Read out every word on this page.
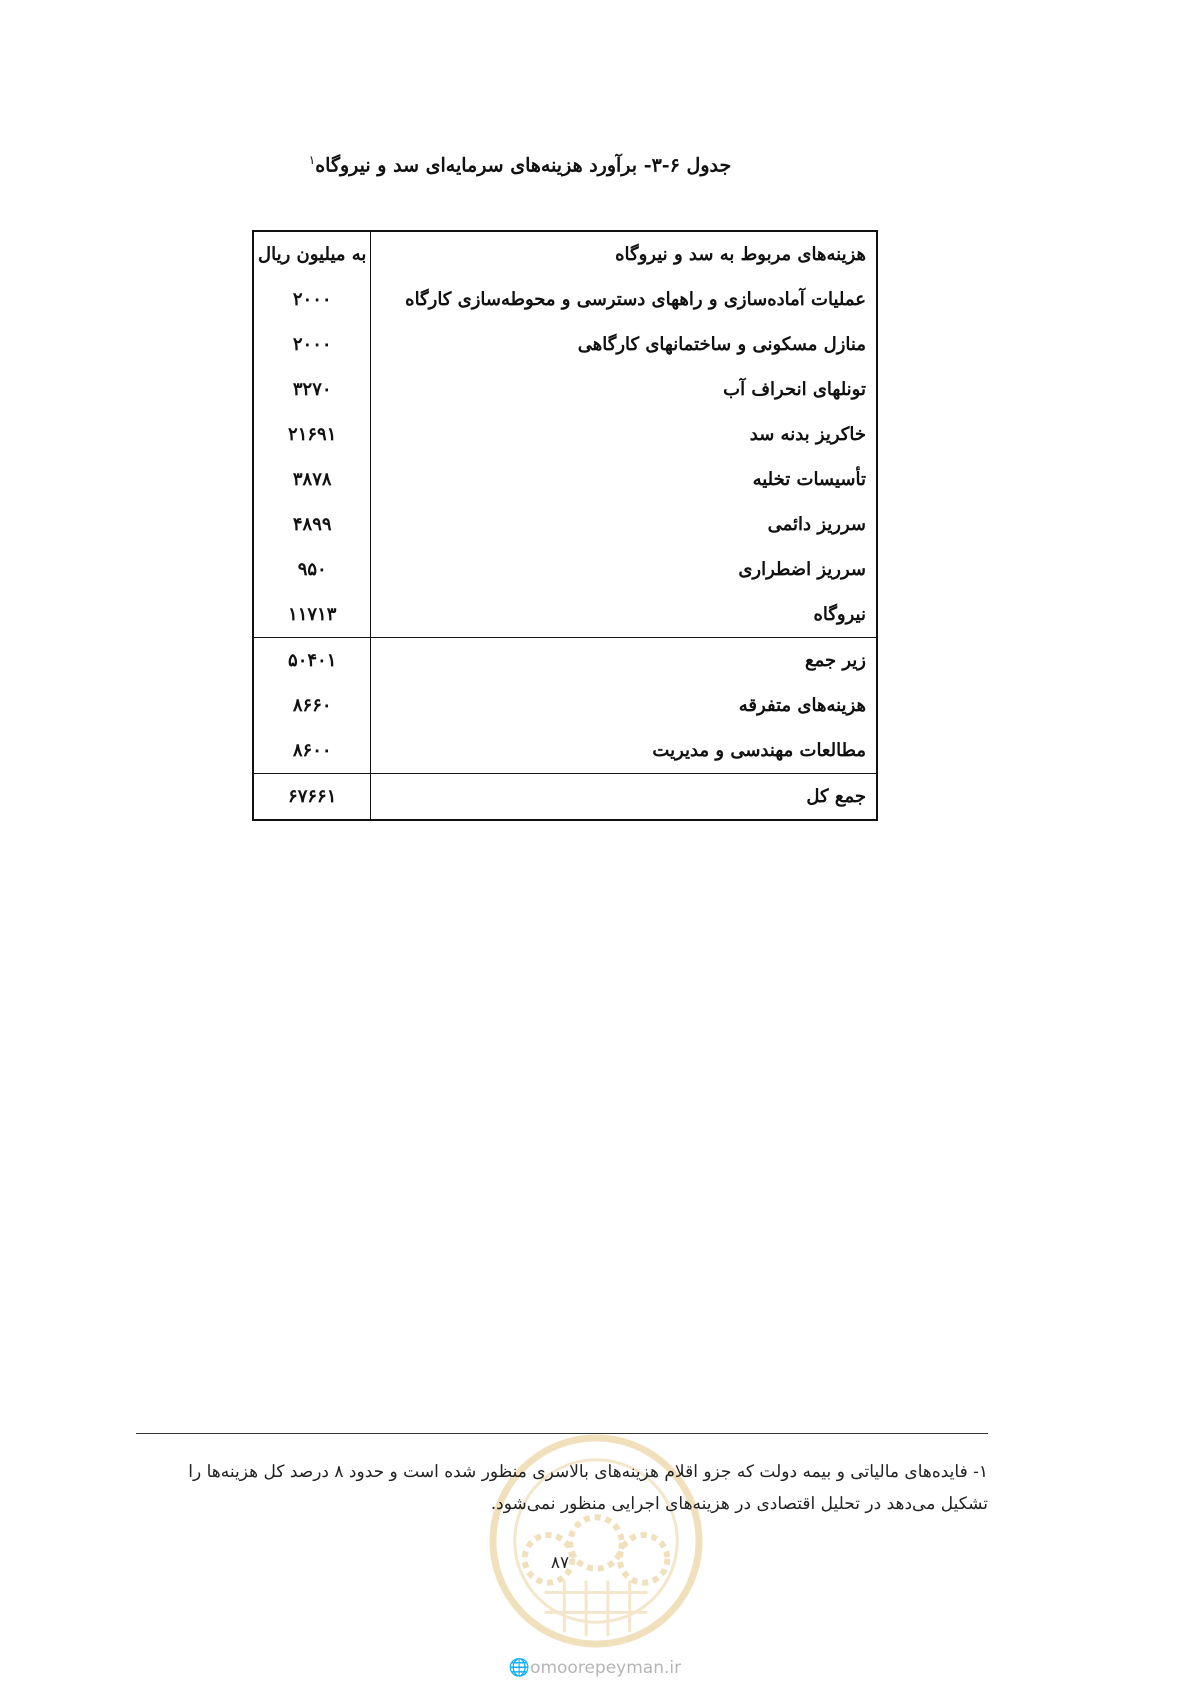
جدول ۶-۳- برآورد هزینه‌های سرمایه‌ای سد و نیروگاه$^۱$
هزینه‌های مربوط به سد و نیروگاه	به میلیون ریال
عملیات آماده‌سازی و راههای دسترسی و محوطه‌سازی کارگاه	۲۰۰۰
منازل مسکونی و ساختمانهای کارگاهی	۲۰۰۰
تونلهای انحراف آب	۳۲۷۰
خاکریز بدنه سد	۲۱۶۹۱
تأسیسات تخلیه	۳۸۷۸
سرریز دائمی	۴۸۹۹
سرریز اضطراری	۹۵۰
نیروگاه	۱۱۷۱۳
زیر جمع	۵۰۴۰۱
هزینه‌های متفرقه	۸۶۶۰
مطالعات مهندسی و مدیریت	۸۶۰۰
جمع کل	۶۷۶۶۱
۱- فایده‌های مالیاتی و بیمه دولت که جزو اقلام هزینه‌های بالاسری منظور شده است و حدود ۸ درصد کل هزینه‌ها را
تشکیل می‌دهد در تحلیل اقتصادی در هزینه‌های اجرایی منظور نمی‌شود.
۸۷
🌐omoorepeyman.ir
